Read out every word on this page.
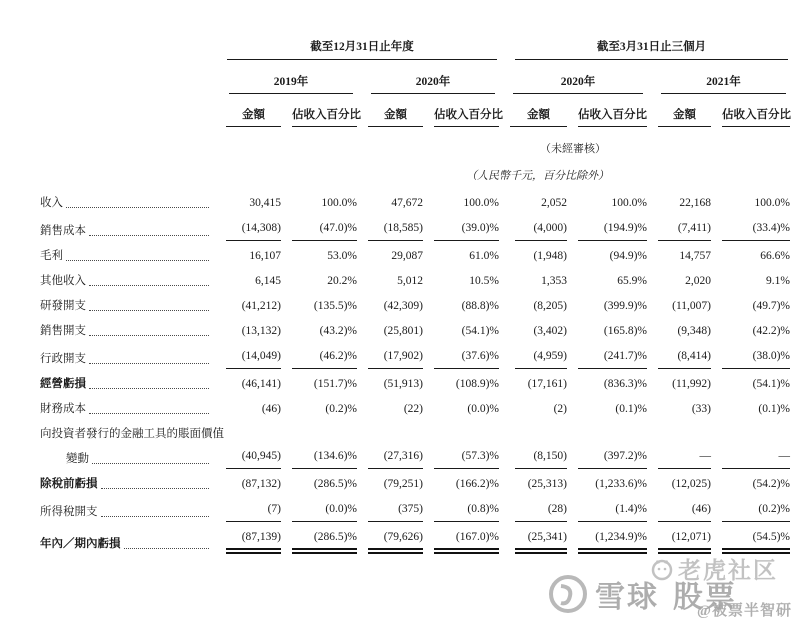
	截至12月31日止年度				截至3月31日止三個月			

	2019年		2020年		2020年		2021年	

	金額	佔收入百分比	金額	佔收入百分比	金額	佔收入百分比	金額	佔收入百分比

					（未經審核）			
	（人民幣千元，百分比除外）							

收入	30,415	100.0%	47,672	100.0%	2,052	100.0%	22,168	100.0%

銷售成本	(14,308)	(47.0)%	(18,585)	(39.0)%	(4,000)	(194.9)%	(7,411)	(33.4)%

毛利	16,107	53.0%	29,087	61.0%	(1,948)	(94.9)%	14,757	66.6%

其他收入	6,145	20.2%	5,012	10.5%	1,353	65.9%	2,020	9.1%

研發開支	(41,212)	(135.5)%	(42,309)	(88.8)%	(8,205)	(399.9)%	(11,007)	(49.7)%

銷售開支	(13,132)	(43.2)%	(25,801)	(54.1)%	(3,402)	(165.8)%	(9,348)	(42.2)%

行政開支	(14,049)	(46.2)%	(17,902)	(37.6)%	(4,959)	(241.7)%	(8,414)	(38.0)%

經營虧損	(46,141)	(151.7)%	(51,913)	(108.9)%	(17,161)	(836.3)%	(11,992)	(54.1)%

財務成本	(46)	(0.2)%	(22)	(0.0)%	(2)	(0.1)%	(33)	(0.1)%

向投資者發行的金融工具的賬面價值								

變動	(40,945)	(134.6)%	(27,316)	(57.3)%	(8,150)	(397.2)%	—	—

除稅前虧損	(87,132)	(286.5)%	(79,251)	(166.2)%	(25,313)	(1,233.6)%	(12,025)	(54.2)%

所得稅開支	(7)	(0.0)%	(375)	(0.8)%	(28)	(1.4)%	(46)	(0.2)%

年內／期內虧損	(87,139)	(286.5)%	(79,626)	(167.0)%	(25,341)	(1,234.9)%	(12,071)	(54.5)%
雪球 股票
老虎社区
@被票半智研
